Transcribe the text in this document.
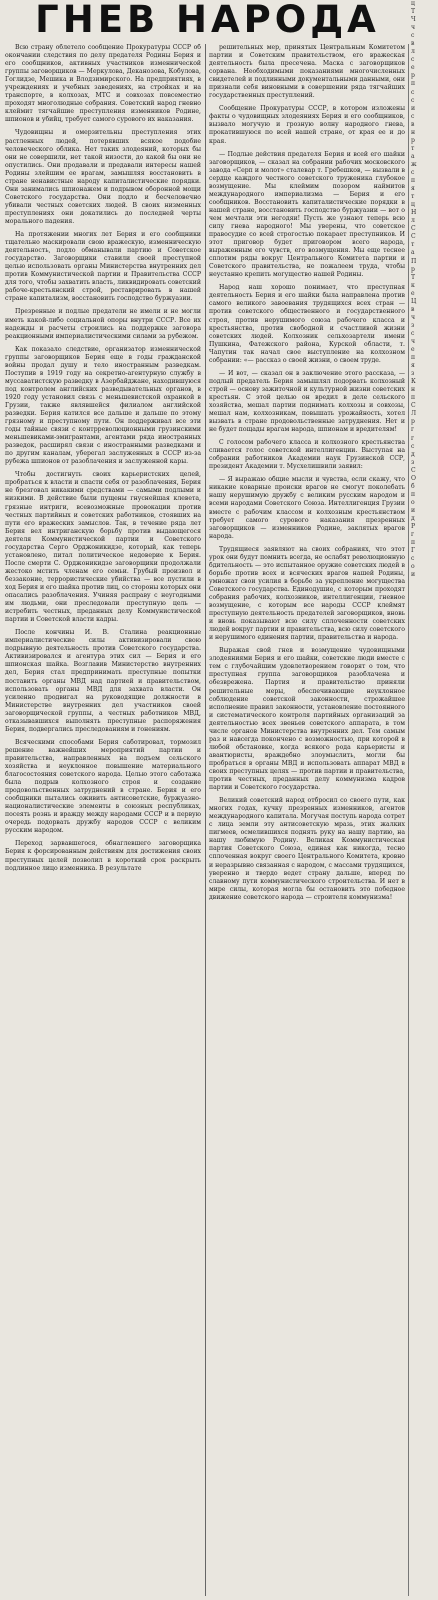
ГНЕВ НАРОДА

Всю страну облетело сообщение Прокуратуры СССР об окончании следствия по делу предателя Родины Берия и его сообщников, активных участников изменнической группы заговорщиков — Меркулова, Деканозова, Кобулова, Гоглидзе, Мешика и Влодзимирского. На предприятиях, в учреждениях и учебных заведениях, на стройках и на транспорте, в колхозах, МТС и совхозах повсеместно проходят многолюдные собрания. Советский народ гневно клеймит тягчайшие преступления изменников Родине, шпионов и убийц, требует самого сурового их наказания.

Чудовищны и омерзительны преступления этих растленных людей, потерявших всякое подобие человеческого облика. Нет таких злодеяний, которых бы они не совершили, нет такой низости, до какой бы они не опустились. Они продавали и предавали интересы нашей Родины злейшим ее врагам, замышляя восстановить в стране ненавистные народу капиталистические порядки. Они занимались шпионажем и подрывом оборонной мощи Советского государства. Они подло и бесчеловечно убивали честных советских людей. В своих низменных преступлениях они докатились до последней черты морального падения.

На протяжении многих лет Берия и его сообщники тщательно маскировали свою вражескую, изменническую деятельность, подло обманывали партию и Советское государство. Заговорщики ставили своей преступной целью использовать органы Министерства внутренних дел против Коммунистической партии и Правительства СССР для того, чтобы захватить власть, ликвидировать советский рабоче-крестьянский строй, реставрировать в нашей стране капитализм, восстановить господство буржуазии.

Презренные и подлые предатели не имели и не могли иметь какой-либо социальной опоры внутри СССР. Все их надежды и расчеты строились на поддержке заговора реакционными империалистическими силами за рубежом.

Как показало следствие, организатор изменнической группы заговорщиков Берия еще в годы гражданской войны продал душу и тело иностранным разведкам. Поступив в 1919 году на секретно-агентурную службу в муссаватистскую разведку в Азербайджане, находившуюся под контролем английских разведывательных органов, в 1920 году установил связь с меньшевистской охранкой в Грузии, также являвшейся филиалом английской разведки. Берия катился все дальше и дальше по этому грязному и преступному пути. Он поддерживал все эти годы тайные связи с контрреволюционными грузинскими меньшевиками-эмигрантами, агентами ряда иностранных разведок, расширял связи с иностранными разведками и по другим каналам, уберегал заслуженных в СССР из-за рубежа шпионов от разоблачения и заслуженной кары.

Чтобы достигнуть своих карьеристских целей, пробраться к власти и спасти себя от разоблачения, Берия не брезговал никакими средствами — самыми подлыми и низкими. В действие были пущены гнуснейшая клевета, грязные интриги, всевозможные провокации против честных партийных и советских работников, стоявших на пути его вражеских замыслов. Так, в течение ряда лет Берия вел интриганскую борьбу против выдающегося деятеля Коммунистической партии и Советского государства Серго Орджоникидзе, который, как теперь установлено, питал политическое недоверие к Берия. После смерти С. Орджоникидзе заговорщики продолжали жестоко мстить членам его семьи. Грубый произвол и беззаконие, террористические убийства — все пустили в ход Берия и его шайка против лиц, со стороны которых они опасались разоблачения. Учиняя расправу с неугодными им людьми, они преследовали преступную цель — истребить честных, преданных делу Коммунистической партии и Советской власти кадры.

После кончины И. В. Сталина реакционные империалистические силы активизировали свою подрывную деятельность против Советского государства. Активизировался и агентура этих сил — Берия и его шпионская шайка. Возглавив Министерство внутренних дел, Берия стал предпринимать преступные попытки поставить органы МВД над партией и правительством, использовать органы МВД для захвата власти. Он усиленно продвигал на руководящие должности в Министерстве внутренних дел участников своей заговорщической группы, а честных работников МВД, отказывавшихся выполнять преступные распоряжения Берия, подвергались преследованиям и гонениям.

Всяческими способами Берия саботировал, тормозил решение важнейших мероприятий партии и правительства, направленных на подъем сельского хозяйства и неуклонное повышение материального благосостояния советского народа. Целью этого саботажа была подрыв колхозного строя и создание продовольственных затруднений в стране. Берия и его сообщники пытались оживить антисоветские, буржуазно-националистические элементы в союзных республиках, посеять рознь и вражду между народами СССР и в первую очередь подорвать дружбу народов СССР с великим русским народом.

Переход зарвавшегося, обнаглевшего заговорщика Берия к форсированным действиям для достижения своих преступных целей позволил в короткий срок раскрыть подлинное лицо изменника. В результате

решительных мер, принятых Центральным Комитетом партии и Советским правительством, его вражеская деятельность была пресечена. Маска с заговорщиков сорвана. Необходимыми показаниями многочисленных свидетелей и подлинными документальными данными, они признали себя виновными в совершении ряда тягчайших государственных преступлений.

Сообщение Прокуратуры СССР, в котором изложены факты о чудовищных злодеяниях Берия и его сообщников, вызвало могучую и грозную волну народного гнева, прокатившуюся по всей нашей стране, от края ее и до края.

— Подлые действия предателя Берия и всей его шайки заговорщиков, — сказал на собрании рабочих московского завода «Серп и молот» сталевар т. Гребешков, — вызвали в сердце каждого честного советского труженика глубокое возмущение. Мы клеймим позором наймитов международного империализма — Берия и его сообщников. Восстановить капиталистические порядки в нашей стране, восстановить господство буржуазии — вот о чем мечтали эти негодяи! Пусть же узнают теперь всю силу гнева народного! Мы уверены, что советское правосудие со всей строгостью покарает преступников. И этот приговор будет приговором всего народа, выраженным его чувств, его возмущения. Мы еще теснее сплотим ряды вокруг Центрального Комитета партии и Советского правительства, не пожалеем труда, чтобы неустанно крепить могущество нашей Родины.

Народ наш хорошо понимает, что преступная деятельность Берия и его шайки была направлена против самого великого завоевания трудящихся всех стран — против советского общественного и государственного строя, против нерушимого союза рабочего класса и крестьянства, против свободной и счастливой жизни советских людей. Колхозник сельхозартели имени Пушкина, Фатежского района, Курской области, т. Чапутин так начал свое выступление на колхозном собрании: «— рассказ о своей жизни, о своем труде.

— И вот, — сказал он в заключение этого рассказа, — подлый предатель Берия замышлял подорвать колхозный строй — основу зажиточной и культурной жизни советских крестьян. С этой целью он вредил в деле сельского хозяйства, мешал партии поднимать колхозы и совхозы, мешал нам, колхозникам, повышать урожайность, хотел вызвать в стране продовольственные затруднения. Нет и не будет пощады врагам народа, шпионам и вредителям!

С голосом рабочего класса и колхозного крестьянства сливается голос советской интеллигенции. Выступая на собрании работников Академии наук Грузинской ССР, президент Академии т. Мусхелишвили заявил:

— Я выражаю общие мысли и чувства, если скажу, что никакие коварные происки врагов не смогут поколебать нашу нерушимую дружбу с великим русским народом и всеми народами Советского Союза. Интеллигенция Грузии вместе с рабочим классом и колхозным крестьянством требует самого сурового наказания презренных заговорщиков — изменников Родине, заклятых врагов народа.

Трудящиеся заявляют на своих собраниях, что этот урок они будут помнить всегда, не ослабят революционную бдительность — это испытанное оружие советских людей в борьбе против всех и всяческих врагов нашей Родины, умножат свои усилия в борьбе за укрепление могущества Советского государства. Единодушие, с которым проходят собрания рабочих, колхозников, интеллигенции, гневное возмущение, с которым все народы СССР клеймят преступную деятельность предателей заговорщиков, вновь и вновь показывают всю силу сплоченности советских людей вокруг партии и правительства, всю силу советского и нерушимого единения партии, правительства и народа.

Выражая свой гнев и возмущение чудовищными злодеяниями Берия и его шайки, советские люди вместе с тем с глубочайшим удовлетворением говорят о том, что преступная группа заговорщиков разоблачена и обезврежена. Партия и правительство приняли решительные меры, обеспечивающие неуклонное соблюдение советской законности, строжайшее исполнение правил законности, установление постоянного и систематического контроля партийных организаций за деятельностью всех звеньев советского аппарата, в том числе органов Министерства внутренних дел. Тем самым раз и навсегда покончено с возможностью, при которой в любой обстановке, когда всякого рода карьеристы и авантюристы, враждебно злоумыслить, могли бы пробраться в органы МВД и использовать аппарат МВД в своих преступных целях — против партии и правительства, против честных, преданных делу коммунизма кадров партии и Советского государства.

Великий советский народ отбросил со своего пути, как многих годах, кучку презренных изменников, агентов международного капитала. Могучая поступь народа сотрет с лица земли эту антисоветскую мразь, этих жалких пигмеев, осмелившихся поднять руку на нашу партию, на нашу любимую Родину. Великая Коммунистическая партия Советского Союза, единая как никогда, тесно сплоченная вокруг своего Центрального Комитета, кровно и неразрывно связанная с народом, с массами трудящихся, уверенно и твердо ведет страну дальше, вперед по славному пути коммунистического строительства. И нет в мире силы, которая могла бы остановить это победное движение советского народа — строителя коммунизма!

ц
Т
Ч
ч
с
в
л
с
е
р
п
с
с
и
с
в
н
р
т
а
ж
с
п
я
т
ц
Н
л
С
С
т
а
П
р
Т
к
е
Ц
в
ч
з
с
ч
е
п
я
з
К
н
п
С
Л
р
г
г
с
д
з
С
О
б
п
о
и
д
Р
г
п
Г
с
о
и
